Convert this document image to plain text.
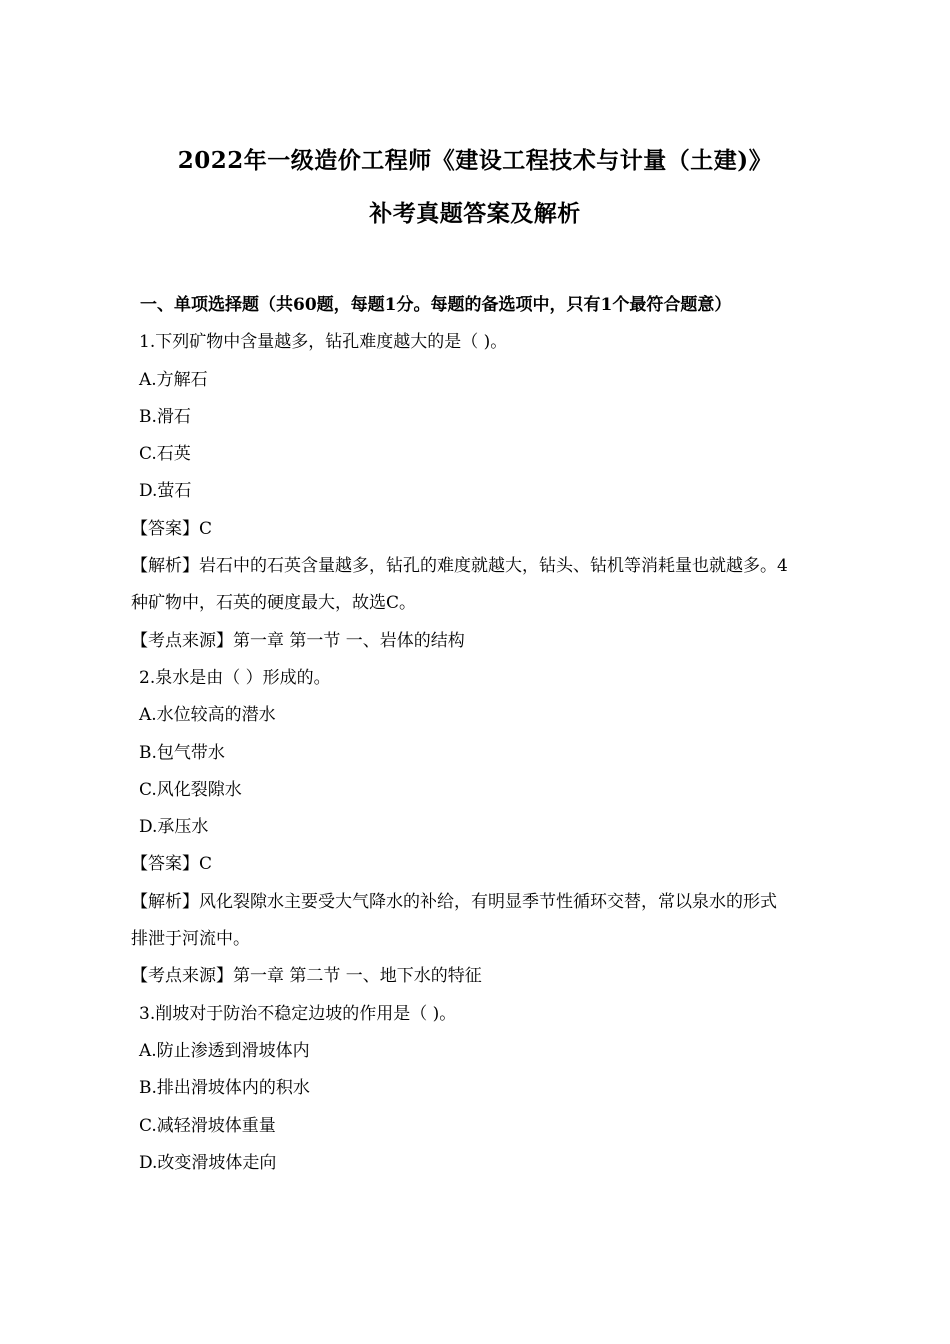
2022年一级造价工程师《建设工程技术与计量（土建)》
补考真题答案及解析
一、单项选择题（共60题，每题1分。每题的备选项中，只有1个最符合题意）
1.下列矿物中含量越多，钻孔难度越大的是（ )。
A.方解石
B.滑石
C.石英
D.萤石
【答案】C
【解析】岩石中的石英含量越多，钻孔的难度就越大，钻头、钻机等消耗量也就越多。4
种矿物中，石英的硬度最大，故选C。
【考点来源】第一章 第一节 一、岩体的结构
2.泉水是由（ ）形成的。
A.水位较高的潜水
B.包气带水
C.风化裂隙水
D.承压水
【答案】C
【解析】风化裂隙水主要受大气降水的补给，有明显季节性循环交替，常以泉水的形式
排泄于河流中。
【考点来源】第一章 第二节 一、地下水的特征
3.削坡对于防治不稳定边坡的作用是（ )。
A.防止渗透到滑坡体内
B.排出滑坡体内的积水
C.减轻滑坡体重量
D.改变滑坡体走向
